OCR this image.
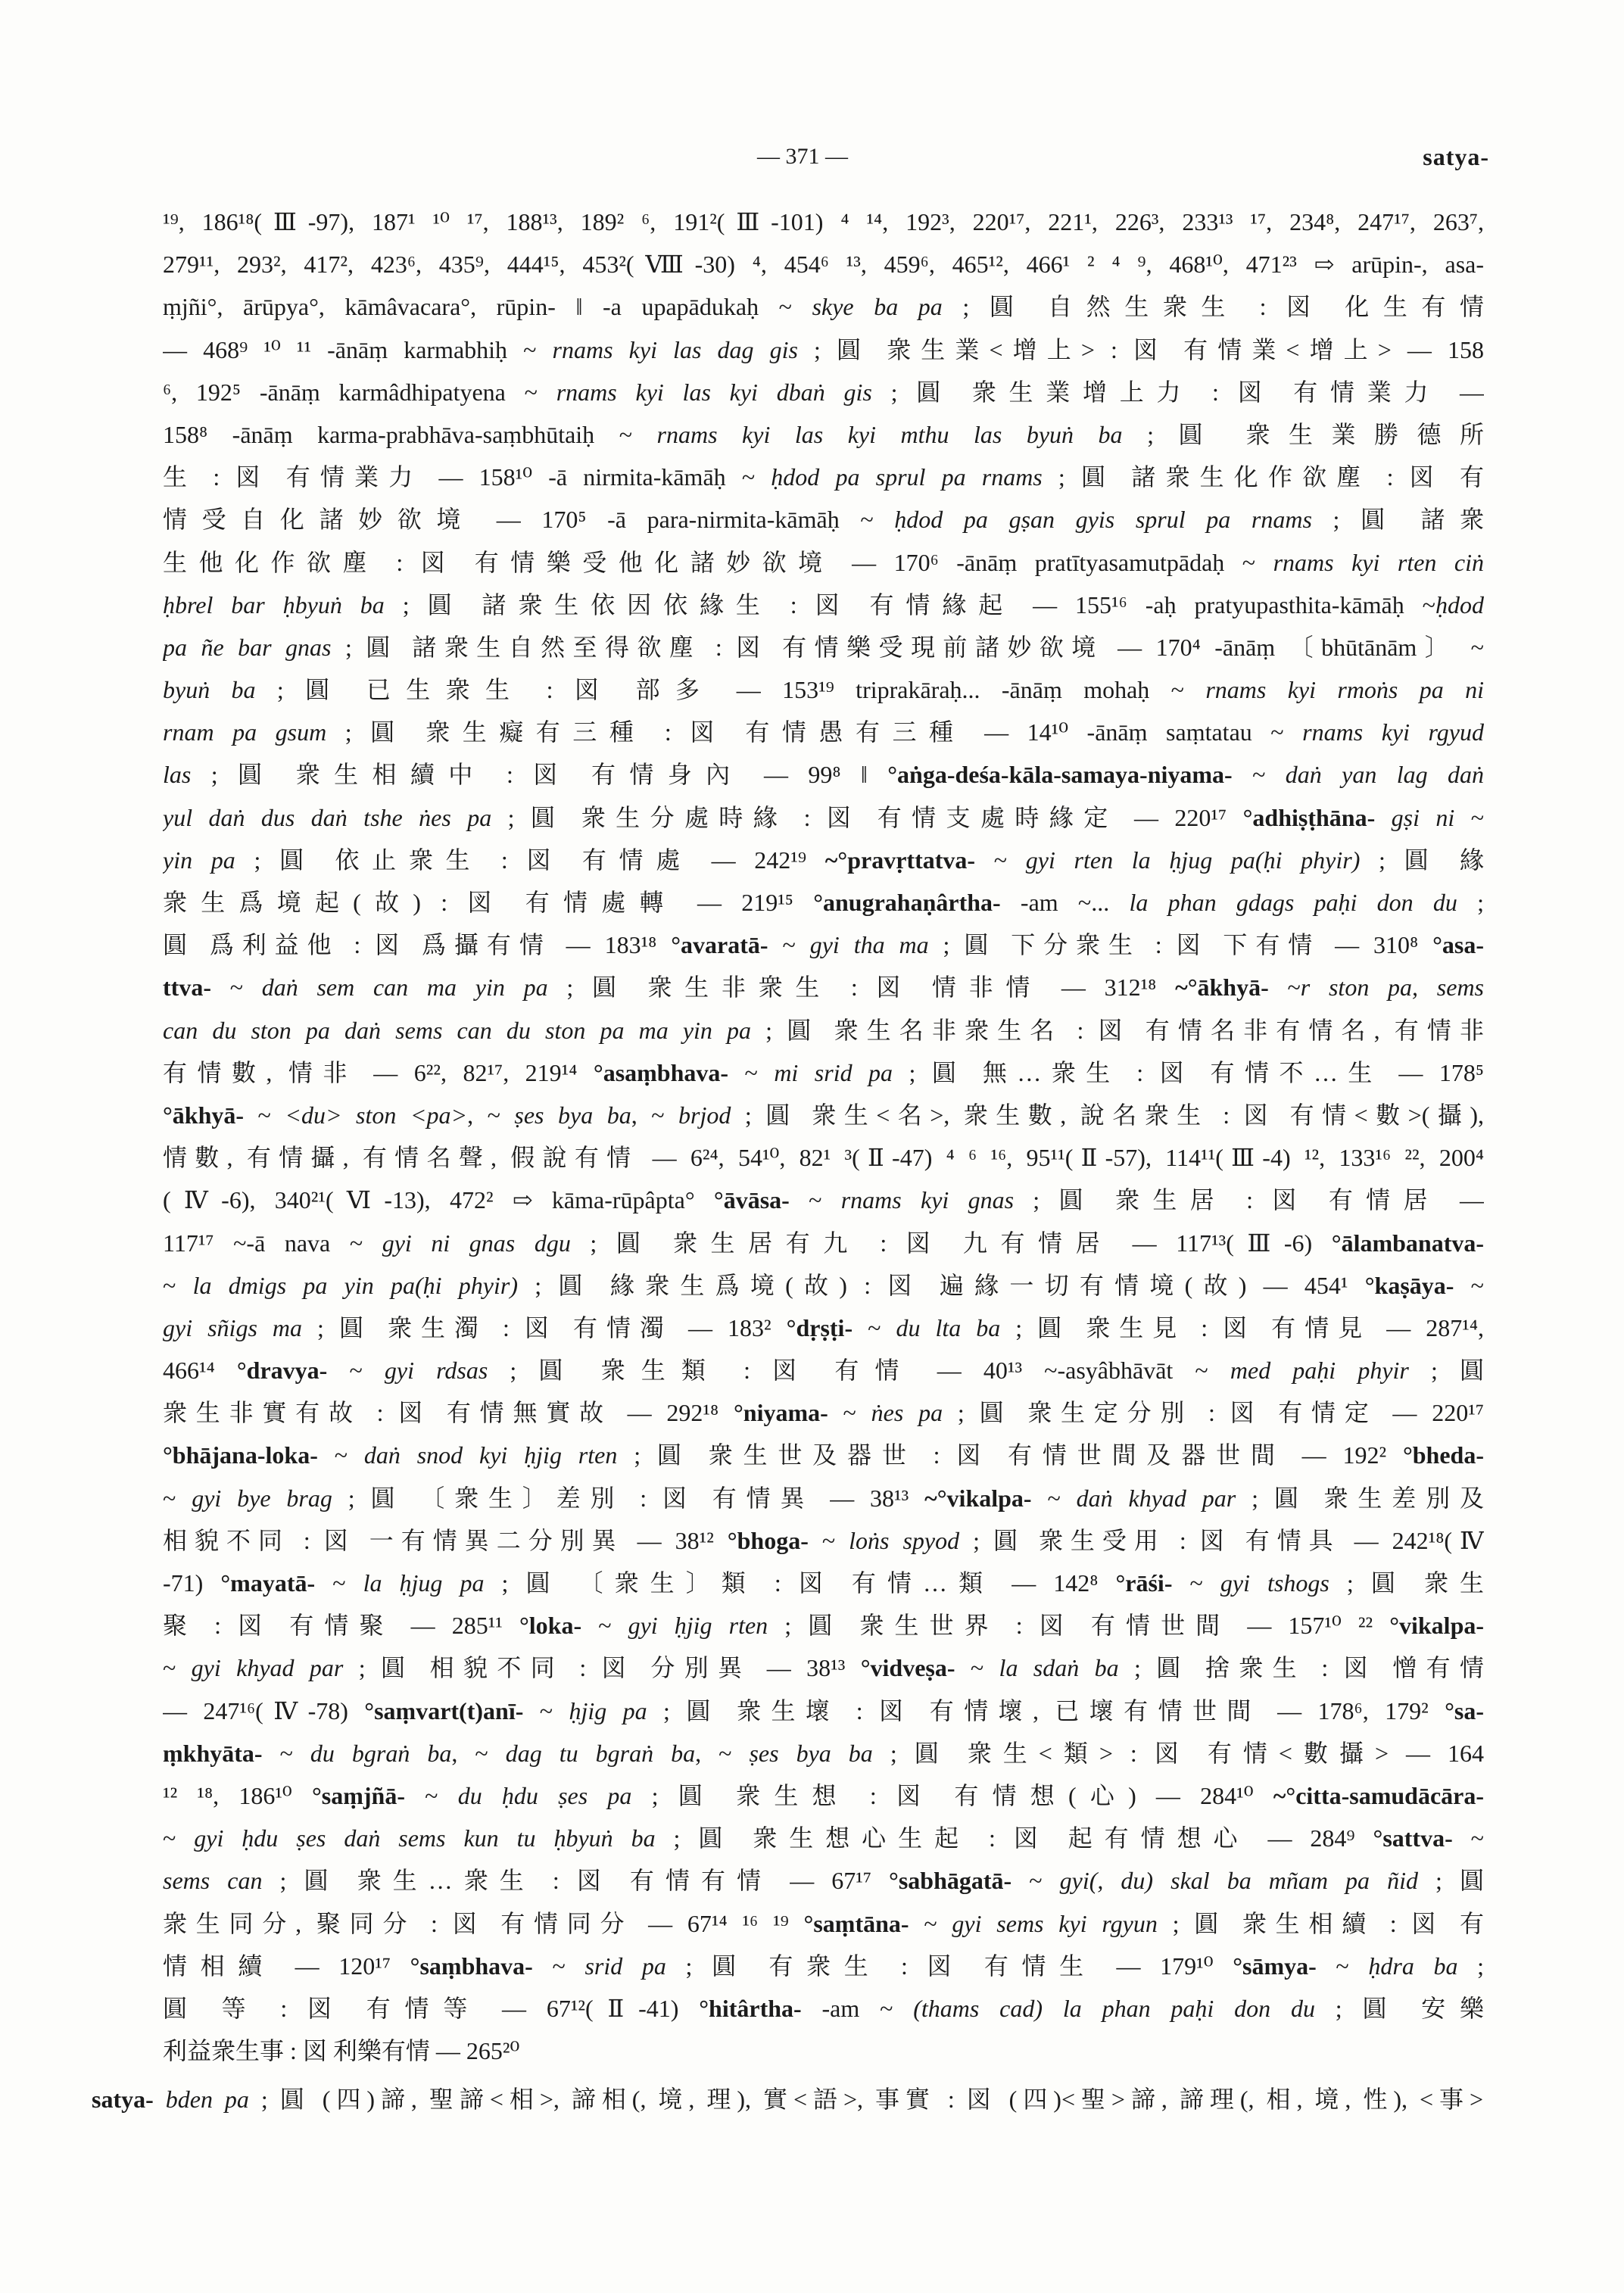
— 371 —	satya-
¹⁹, 186¹⁸(Ⅲ-97), 187¹ ¹⁰ ¹⁷, 188¹³, 189² ⁶, 191²(Ⅲ-101) ⁴ ¹⁴, 192³, 220¹⁷, 221¹, 226³, 233¹³ ¹⁷, 234⁸, 247¹⁷, 263⁷,
279¹¹, 293², 417², 423⁶, 435⁹, 444¹⁵, 453²(Ⅷ-30) ⁴, 454⁶ ¹³, 459⁶, 465¹², 466¹ ² ⁴ ⁹, 468¹⁰, 471²³ ⇨ arūpin-, asa-
ṃjñi°, ārūpya°, kāmâvacara°, rūpin- ‖ -a upapādukaḥ ~ skye ba pa ; 圓 自然生衆生 : 図 化生有情
— 468⁹ ¹⁰ ¹¹ -ānāṃ karmabhiḥ ~ rnams kyi las dag gis ; 圓 衆生業<增上> : 図 有情業<增上> — 158
⁶, 192⁵ -ānāṃ karmâdhipatyena ~ rnams kyi las kyi dbaṅ gis ; 圓 衆生業增上力 : 図 有情業力 —
158⁸ -ānāṃ karma-prabhāva-saṃbhūtaiḥ ~ rnams kyi las kyi mthu las byuṅ ba ; 圓 衆生業勝德所
生 : 図 有情業力 — 158¹⁰ -ā nirmita-kāmāḥ ~ ḥdod pa sprul pa rnams ; 圓 諸衆生化作欲塵 : 図 有
情受自化諸妙欲境 — 170⁵ -ā para-nirmita-kāmāḥ ~ ḥdod pa gṣan gyis sprul pa rnams ; 圓 諸衆
生他化作欲塵 : 図 有情樂受他化諸妙欲境 — 170⁶ -ānāṃ pratītyasamutpādaḥ ~ rnams kyi rten ciṅ
ḥbrel bar ḥbyuṅ ba ; 圓 諸衆生依因依緣生 : 図 有情緣起 — 155¹⁶ -aḥ pratyupasthita-kāmāḥ ~ḥdod
pa ñe bar gnas ; 圓 諸衆生自然至得欲塵 : 図 有情樂受現前諸妙欲境 — 170⁴ -ānāṃ 〔bhūtānām〕 ~
byuṅ ba ; 圓 已生衆生 : 図 部多 — 153¹⁹ triprakāraḥ... -ānāṃ mohaḥ ~ rnams kyi rmoṅs pa ni
rnam pa gsum ; 圓 衆生癡有三種 : 図 有情愚有三種 — 14¹⁰ -ānāṃ saṃtatau ~ rnams kyi rgyud
las ; 圓 衆生相續中 : 図 有情身內 — 99⁸ ‖ °aṅga-deśa-kāla-samaya-niyama- ~ daṅ yan lag daṅ
yul daṅ dus daṅ tshe ṅes pa ; 圓 衆生分處時緣 : 図 有情支處時緣定 — 220¹⁷ °adhiṣṭhāna- gṣi ni ~
yin pa ; 圓 依止衆生 : 図 有情處 — 242¹⁹ ~°pravṛttatva- ~ gyi rten la ḥjug pa(ḥi phyir) ; 圓 緣
衆生爲境起(故) : 図 有情處轉 — 219¹⁵ °anugrahaṇârtha- -am ~... la phan gdags paḥi don du ;
圓 爲利益他 : 図 爲攝有情 — 183¹⁸ °avaratā- ~ gyi tha ma ; 圓 下分衆生 : 図 下有情 — 310⁸ °asa-
ttva- ~ daṅ sem can ma yin pa ; 圓 衆生非衆生 : 図 情非情 — 312¹⁸ ~°ākhyā- ~r ston pa, sems
can du ston pa daṅ sems can du ston pa ma yin pa ; 圓 衆生名非衆生名 : 図 有情名非有情名, 有情非
有情數, 情非 — 6²², 82¹⁷, 219¹⁴ °asaṃbhava- ~ mi srid pa ; 圓 無…衆生 : 図 有情不…生 — 178⁵
°ākhyā- ~ <du> ston <pa>, ~ ṣes bya ba, ~ brjod ; 圓 衆生<名>, 衆生數, 說名衆生 : 図 有情<數>(攝),
情數, 有情攝, 有情名聲, 假說有情 — 6²⁴, 54¹⁰, 82¹ ³(Ⅱ-47) ⁴ ⁶ ¹⁶, 95¹¹(Ⅱ-57), 114¹¹(Ⅲ-4) ¹², 133¹⁶ ²², 200⁴
(Ⅳ-6), 340²¹(Ⅵ-13), 472² ⇨ kāma-rūpâpta° °āvāsa- ~ rnams kyi gnas ; 圓 衆生居 : 図 有情居 —
117¹⁷ ~-ā nava ~ gyi ni gnas dgu ; 圓 衆生居有九 : 図 九有情居 — 117¹³(Ⅲ-6) °ālambanatva-
~ la dmigs pa yin pa(ḥi phyir) ; 圓 緣衆生爲境(故) : 図 遍緣一切有情境(故) — 454¹ °kaṣāya- ~
gyi sñigs ma ; 圓 衆生濁 : 図 有情濁 — 183² °dṛṣṭi- ~ du lta ba ; 圓 衆生見 : 図 有情見 — 287¹⁴,
466¹⁴ °dravya- ~ gyi rdsas ; 圓 衆生類 : 図 有情 — 40¹³ ~-asyâbhāvāt ~ med paḥi phyir ; 圓
衆生非實有故 : 図 有情無實故 — 292¹⁸ °niyama- ~ ṅes pa ; 圓 衆生定分別 : 図 有情定 — 220¹⁷
°bhājana-loka- ~ daṅ snod kyi ḥjig rten ; 圓 衆生世及器世 : 図 有情世間及器世間 — 192² °bheda-
~ gyi bye brag ; 圓 〔衆生〕差別 : 図 有情異 — 38¹³ ~°vikalpa- ~ daṅ khyad par ; 圓 衆生差別及
相貌不同 : 図 一有情異二分別異 — 38¹² °bhoga- ~ loṅs spyod ; 圓 衆生受用 : 図 有情具 — 242¹⁸(Ⅳ
-71) °mayatā- ~ la ḥjug pa ; 圓 〔衆生〕類 : 図 有情…類 — 142⁸ °rāśi- ~ gyi tshogs ; 圓 衆生
聚 : 図 有情聚 — 285¹¹ °loka- ~ gyi ḥjig rten ; 圓 衆生世界 : 図 有情世間 — 157¹⁰ ²² °vikalpa-
~ gyi khyad par ; 圓 相貌不同 : 図 分別異 — 38¹³ °vidveṣa- ~ la sdaṅ ba ; 圓 捨衆生 : 図 憎有情
— 247¹⁶(Ⅳ-78) °saṃvart(t)anī- ~ ḥjig pa ; 圓 衆生壞 : 図 有情壞, 已壞有情世間 — 178⁶, 179² °sa-
ṃkhyāta- ~ du bgraṅ ba, ~ dag tu bgraṅ ba, ~ ṣes bya ba ; 圓 衆生<類> : 図 有情<數攝> — 164
¹² ¹⁸, 186¹⁰ °saṃjñā- ~ du ḥdu ṣes pa ; 圓 衆生想 : 図 有情想(心) — 284¹⁰ ~°citta-samudācāra-
~ gyi ḥdu ṣes daṅ sems kun tu ḥbyuṅ ba ; 圓 衆生想心生起 : 図 起有情想心 — 284⁹ °sattva- ~
sems can ; 圓 衆生…衆生 : 図 有情有情 — 67¹⁷ °sabhāgatā- ~ gyi(, du) skal ba mñam pa ñid ; 圓
衆生同分, 聚同分 : 図 有情同分 — 67¹⁴ ¹⁶ ¹⁹ °saṃtāna- ~ gyi sems kyi rgyun ; 圓 衆生相續 : 図 有
情相續 — 120¹⁷ °saṃbhava- ~ srid pa ; 圓 有衆生 : 図 有情生 — 179¹⁰ °sāmya- ~ ḥdra ba ;
圓 等 : 図 有情等 — 67¹²(Ⅱ-41) °hitârtha- -am ~ (thams cad) la phan paḥi don du ; 圓 安樂
利益衆生事 : 図 利樂有情 — 265²⁰
satya- bden pa ; 圓 (四)諦, 聖諦<相>, 諦相(, 境, 理), 實<語>, 事實 : 図 (四)<聖>諦, 諦理(, 相, 境, 性), <事>
